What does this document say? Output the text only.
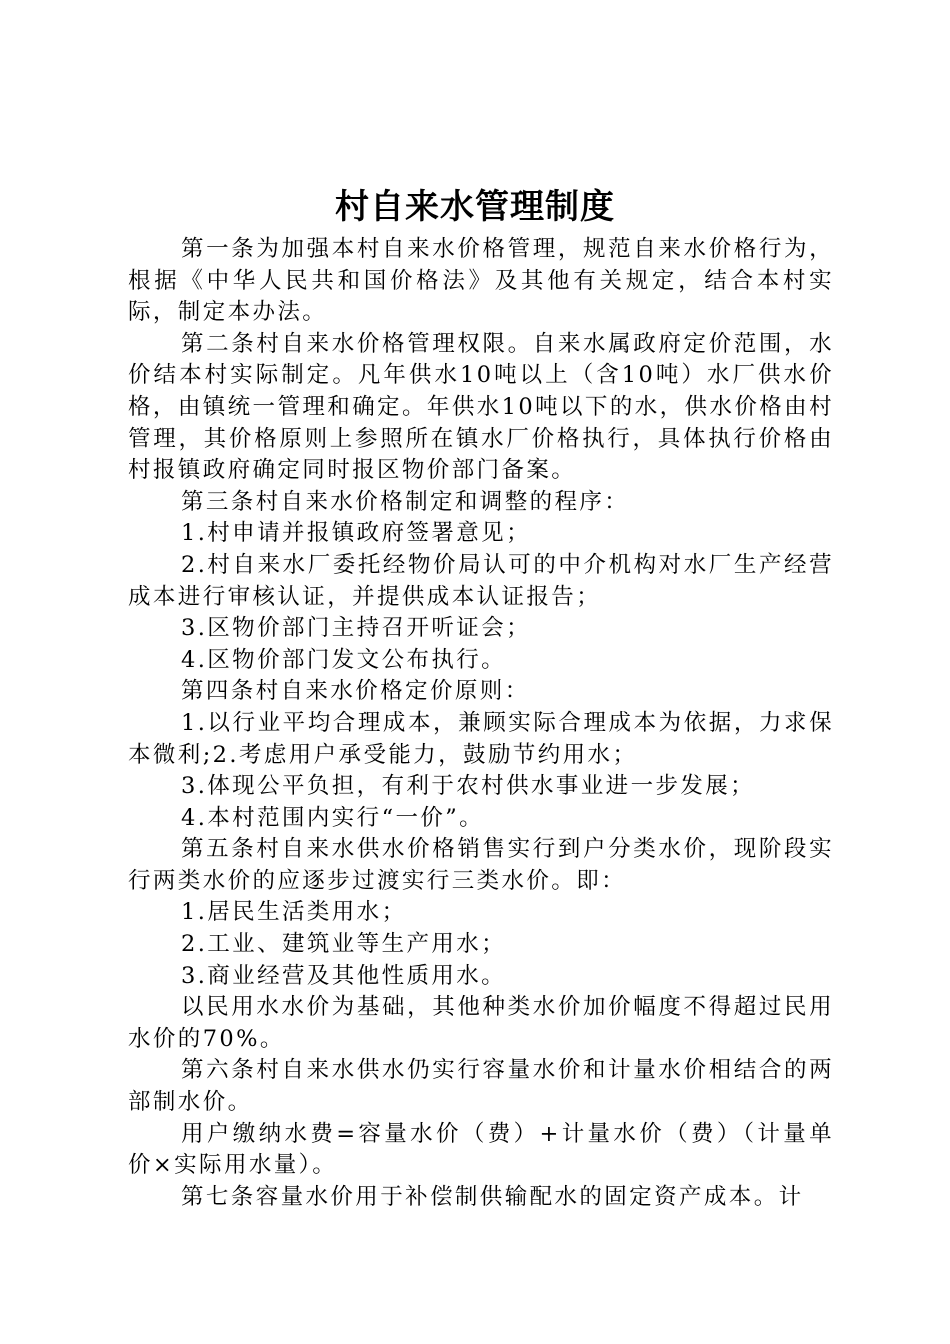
村自来水管理制度

第一条为加强本村自来水价格管理，规范自来水价格行为，根据《中华人民共和国价格法》及其他有关规定，结合本村实际，制定本办法。

第二条村自来水价格管理权限。自来水属政府定价范围，水价结本村实际制定。凡年供水10吨以上（含10吨）水厂供水价格，由镇统一管理和确定。年供水10吨以下的水，供水价格由村管理，其价格原则上参照所在镇水厂价格执行，具体执行价格由村报镇政府确定同时报区物价部门备案。

第三条村自来水价格制定和调整的程序：

1.村申请并报镇政府签署意见；

2.村自来水厂委托经物价局认可的中介机构对水厂生产经营成本进行审核认证，并提供成本认证报告；

3.区物价部门主持召开听证会；

4.区物价部门发文公布执行。

第四条村自来水价格定价原则：

1.以行业平均合理成本，兼顾实际合理成本为依据，力求保本微利;2.考虑用户承受能力，鼓励节约用水；

3.体现公平负担，有利于农村供水事业进一步发展；

4.本村范围内实行“一价”。

第五条村自来水供水价格销售实行到户分类水价，现阶段实行两类水价的应逐步过渡实行三类水价。即：

1.居民生活类用水；

2.工业、建筑业等生产用水；

3.商业经营及其他性质用水。

以民用水水价为基础，其他种类水价加价幅度不得超过民用水价的70%。

第六条村自来水供水仍实行容量水价和计量水价相结合的两部制水价。

用户缴纳水费=容量水价（费）+计量水价（费）（计量单价×实际用水量）。

第七条容量水价用于补偿制供输配水的固定资产成本。计
